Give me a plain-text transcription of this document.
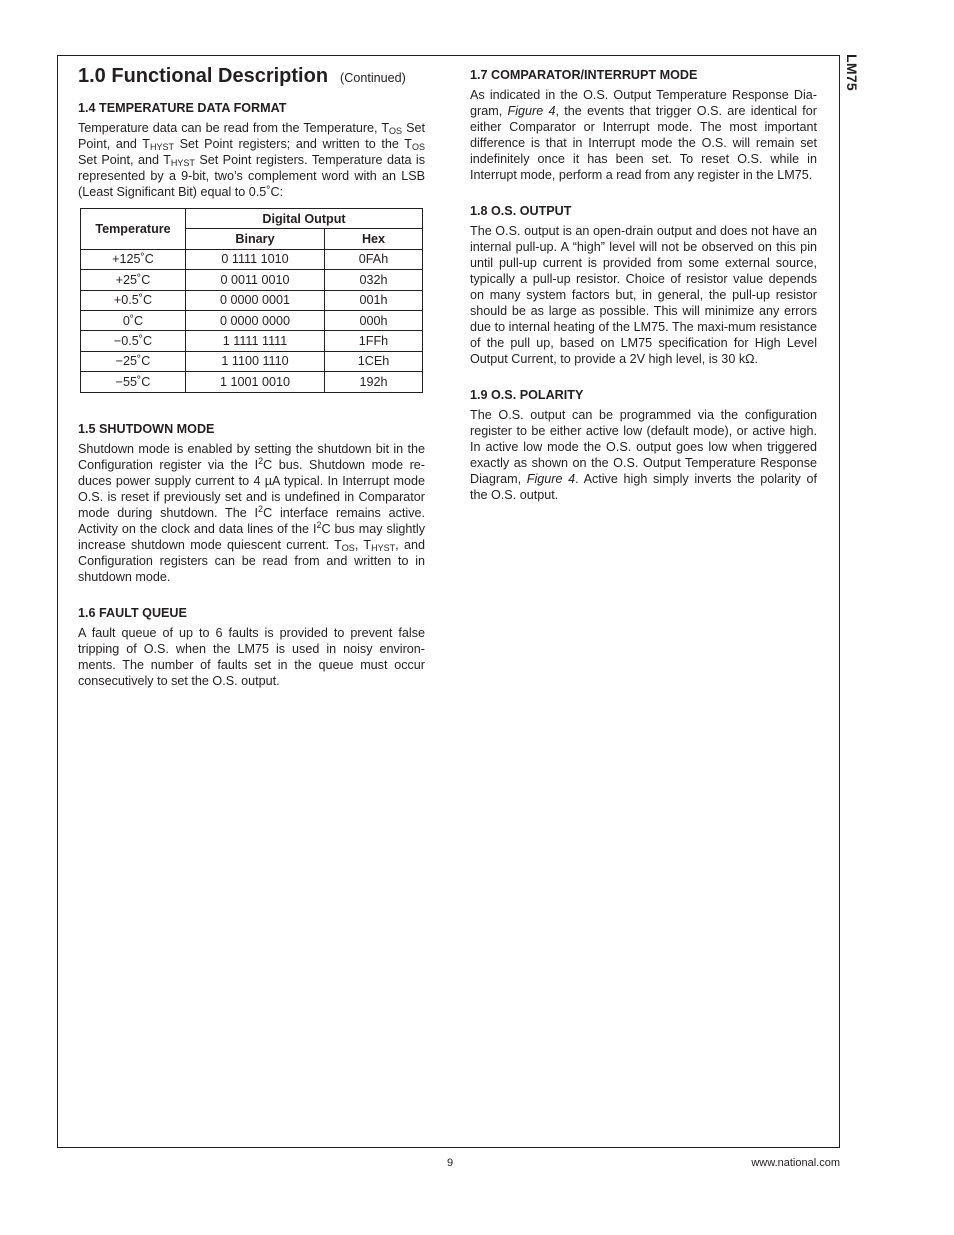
LM75
1.0 Functional Description (Continued)
1.4 TEMPERATURE DATA FORMAT

Temperature data can be read from the Temperature, $T_{OS}$ Set Point, and $T_{HYST}$ Set Point registers; and written to the $T_{OS}$ Set Point, and $T_{HYST}$ Set Point registers. Temperature data is represented by a 9-bit, two’s complement word with an LSB (Least Significant Bit) equal to 0.5˚C:

Temperature	Digital Output	
	Binary	Hex
+125˚C	0 1111 1010	0FAh
+25˚C	0 0011 0010	032h
+0.5˚C	0 0000 0001	001h
0˚C	0 0000 0000	000h
−0.5˚C	1 1111 1111	1FFh
−25˚C	1 1100 1110	1CEh
−55˚C	1 1001 0010	192h
1.5 SHUTDOWN MODE

Shutdown mode is enabled by setting the shutdown bit in the Configuration register via the $I^2C$ bus. Shutdown mode re-duces power supply current to 4 µA typical. In Interrupt mode O.S. is reset if previously set and is undefined in Comparator mode during shutdown. The $I^2C$ interface remains active. Activity on the clock and data lines of the $I^2C$ bus may slightly increase shutdown mode quiescent current. $T_{OS}$, $T_{HYST}$, and Configuration registers can be read from and written to in shutdown mode.

1.6 FAULT QUEUE

A fault queue of up to 6 faults is provided to prevent false tripping of O.S. when the LM75 is used in noisy environ-ments. The number of faults set in the queue must occur consecutively to set the O.S. output.

1.7 COMPARATOR/INTERRUPT MODE

As indicated in the O.S. Output Temperature Response Dia-gram, Figure 4, the events that trigger O.S. are identical for either Comparator or Interrupt mode. The most important difference is that in Interrupt mode the O.S. will remain set indefinitely once it has been set. To reset O.S. while in Interrupt mode, perform a read from any register in the LM75.

1.8 O.S. OUTPUT

The O.S. output is an open-drain output and does not have an internal pull-up. A “high” level will not be observed on this pin until pull-up current is provided from some external source, typically a pull-up resistor. Choice of resistor value depends on many system factors but, in general, the pull-up resistor should be as large as possible. This will minimize any errors due to internal heating of the LM75. The maxi-mum resistance of the pull up, based on LM75 specification for High Level Output Current, to provide a 2V high level, is 30 kΩ.

1.9 O.S. POLARITY

The O.S. output can be programmed via the configuration register to be either active low (default mode), or active high. In active low mode the O.S. output goes low when triggered exactly as shown on the O.S. Output Temperature Response Diagram, Figure 4. Active high simply inverts the polarity of the O.S. output.

9	www.national.com
